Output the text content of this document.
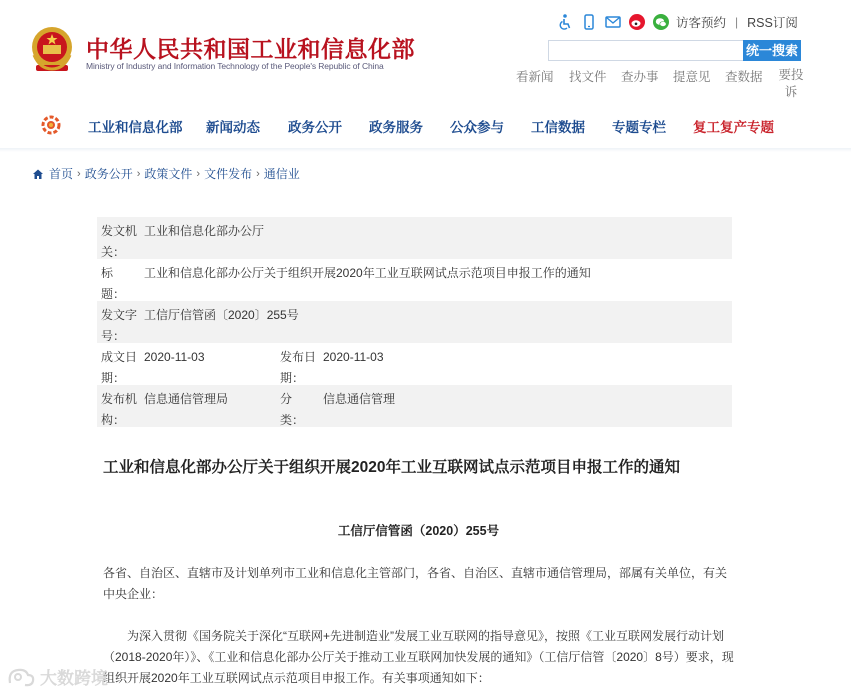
中华人民共和国工业和信息化部
Ministry of Industry and Information Technology of the People's Republic of China
访客预约 | RSS订阅
统一搜索
看新闻 找文件 查办事 提意见 查数据 要投诉
工业和信息化部 新闻动态 政务公开 政务服务 公众参与 工信数据 专题专栏 复工复产专题
首页 › 政务公开 › 政策文件 › 文件发布 › 通信业
发文机关：
工业和信息化部办公厅
标　　题：
工业和信息化部办公厅关于组织开展2020年工业互联网试点示范项目申报工作的通知
发文字号：
工信厅信管函〔2020〕255号
成文日期：
2020-11-03	发布日期：
2020-11-03
发布机构：
信息通信管理局	分　　类：
信息通信管理
工业和信息化部办公厅关于组织开展2020年工业互联网试点示范项目申报工作的通知
工信厅信管函（2020）255号

各省、自治区、直辖市及计划单列市工业和信息化主管部门，各省、自治区、直辖市通信管理局，部属有关单位，有关中央企业：

为深入贯彻《国务院关于深化“互联网+先进制造业”发展工业互联网的指导意见》，按照《工业互联网发展行动计划（2018-2020年）》、《工业和信息化部办公厅关于推动工业互联网加快发展的通知》（工信厅信管〔2020〕8号）要求，现组织开展2020年工业互联网试点示范项目申报工作。有关事项通知如下：

大数跨境
